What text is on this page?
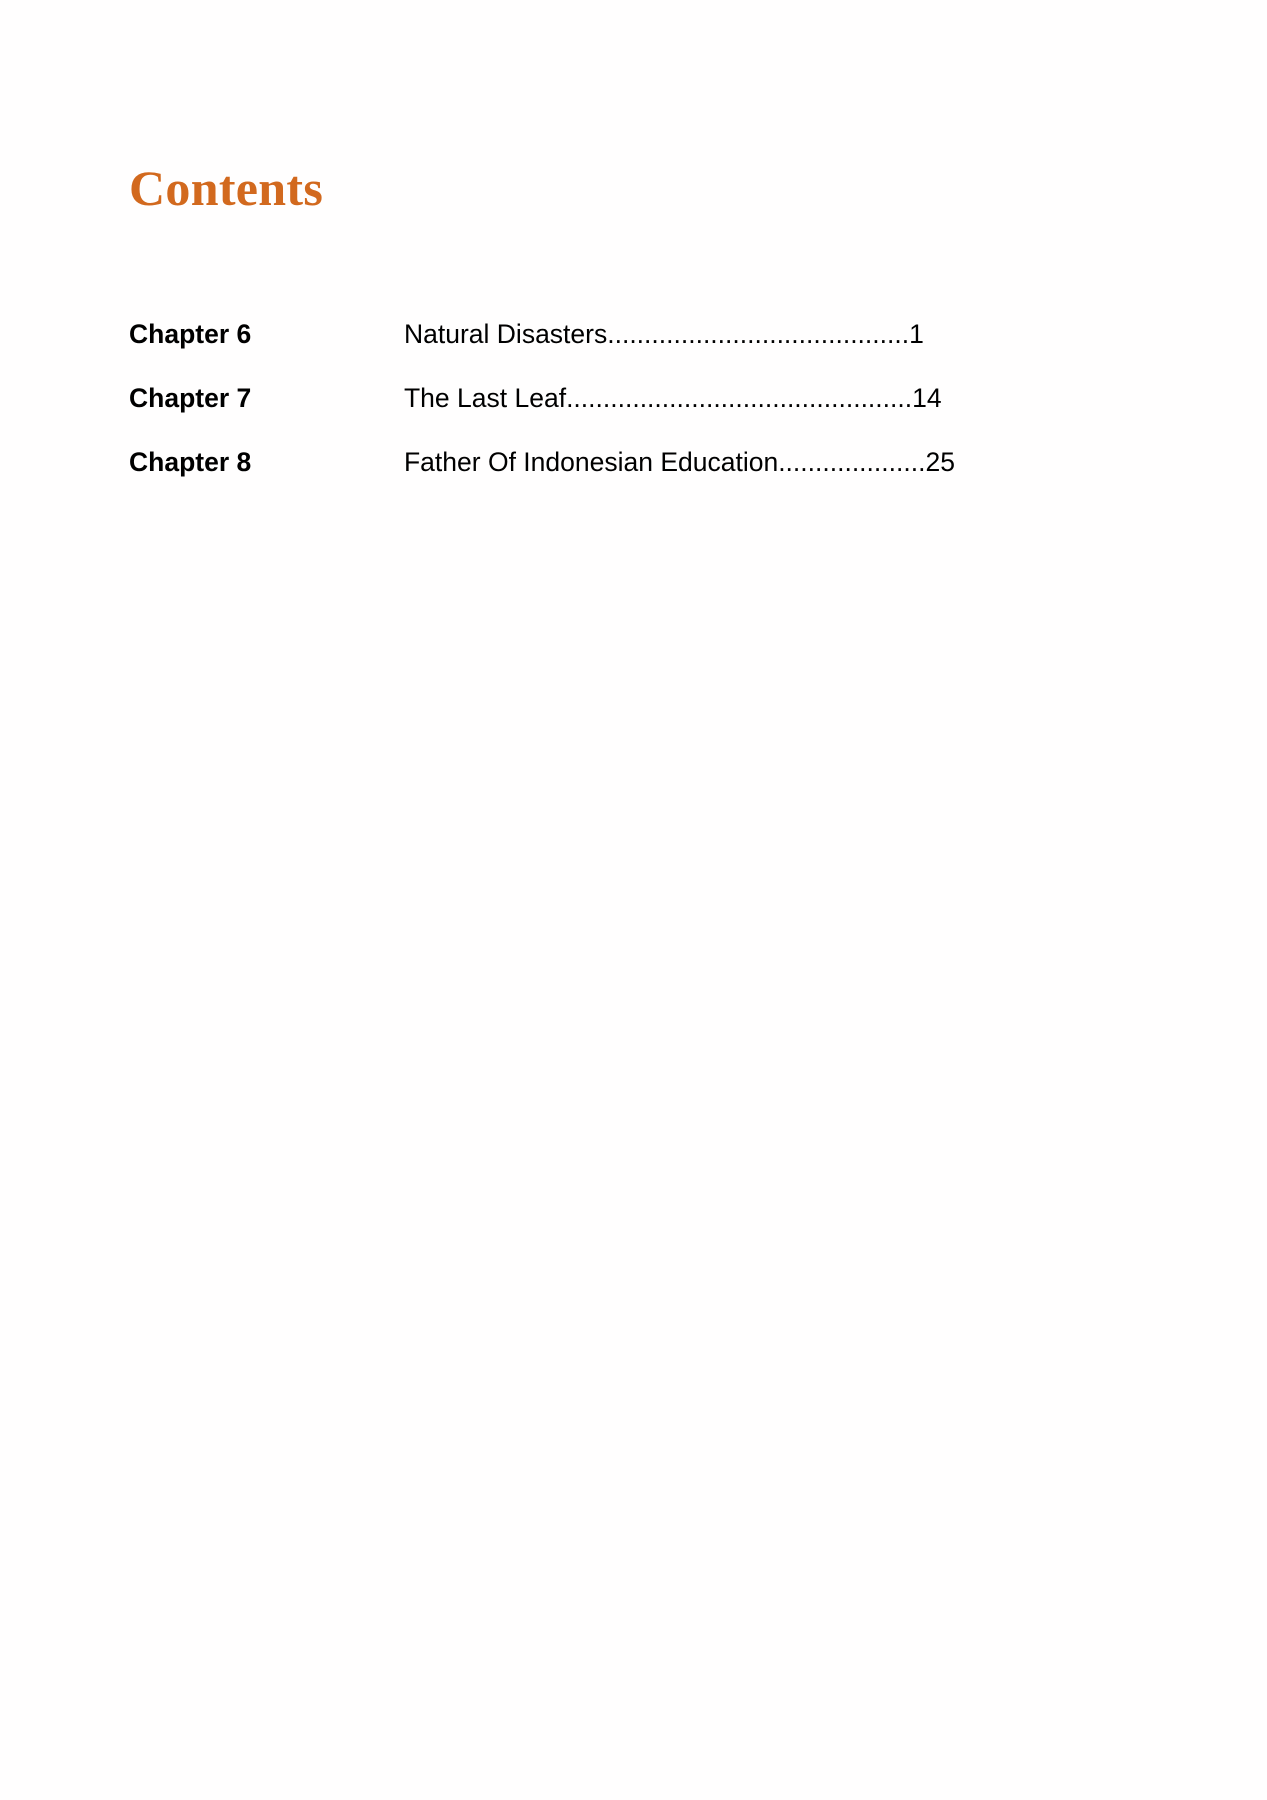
Contents
Chapter 6	Natural Disasters.........................................1
Chapter 7	The Last Leaf...............................................14
Chapter 8	Father Of Indonesian Education....................25
